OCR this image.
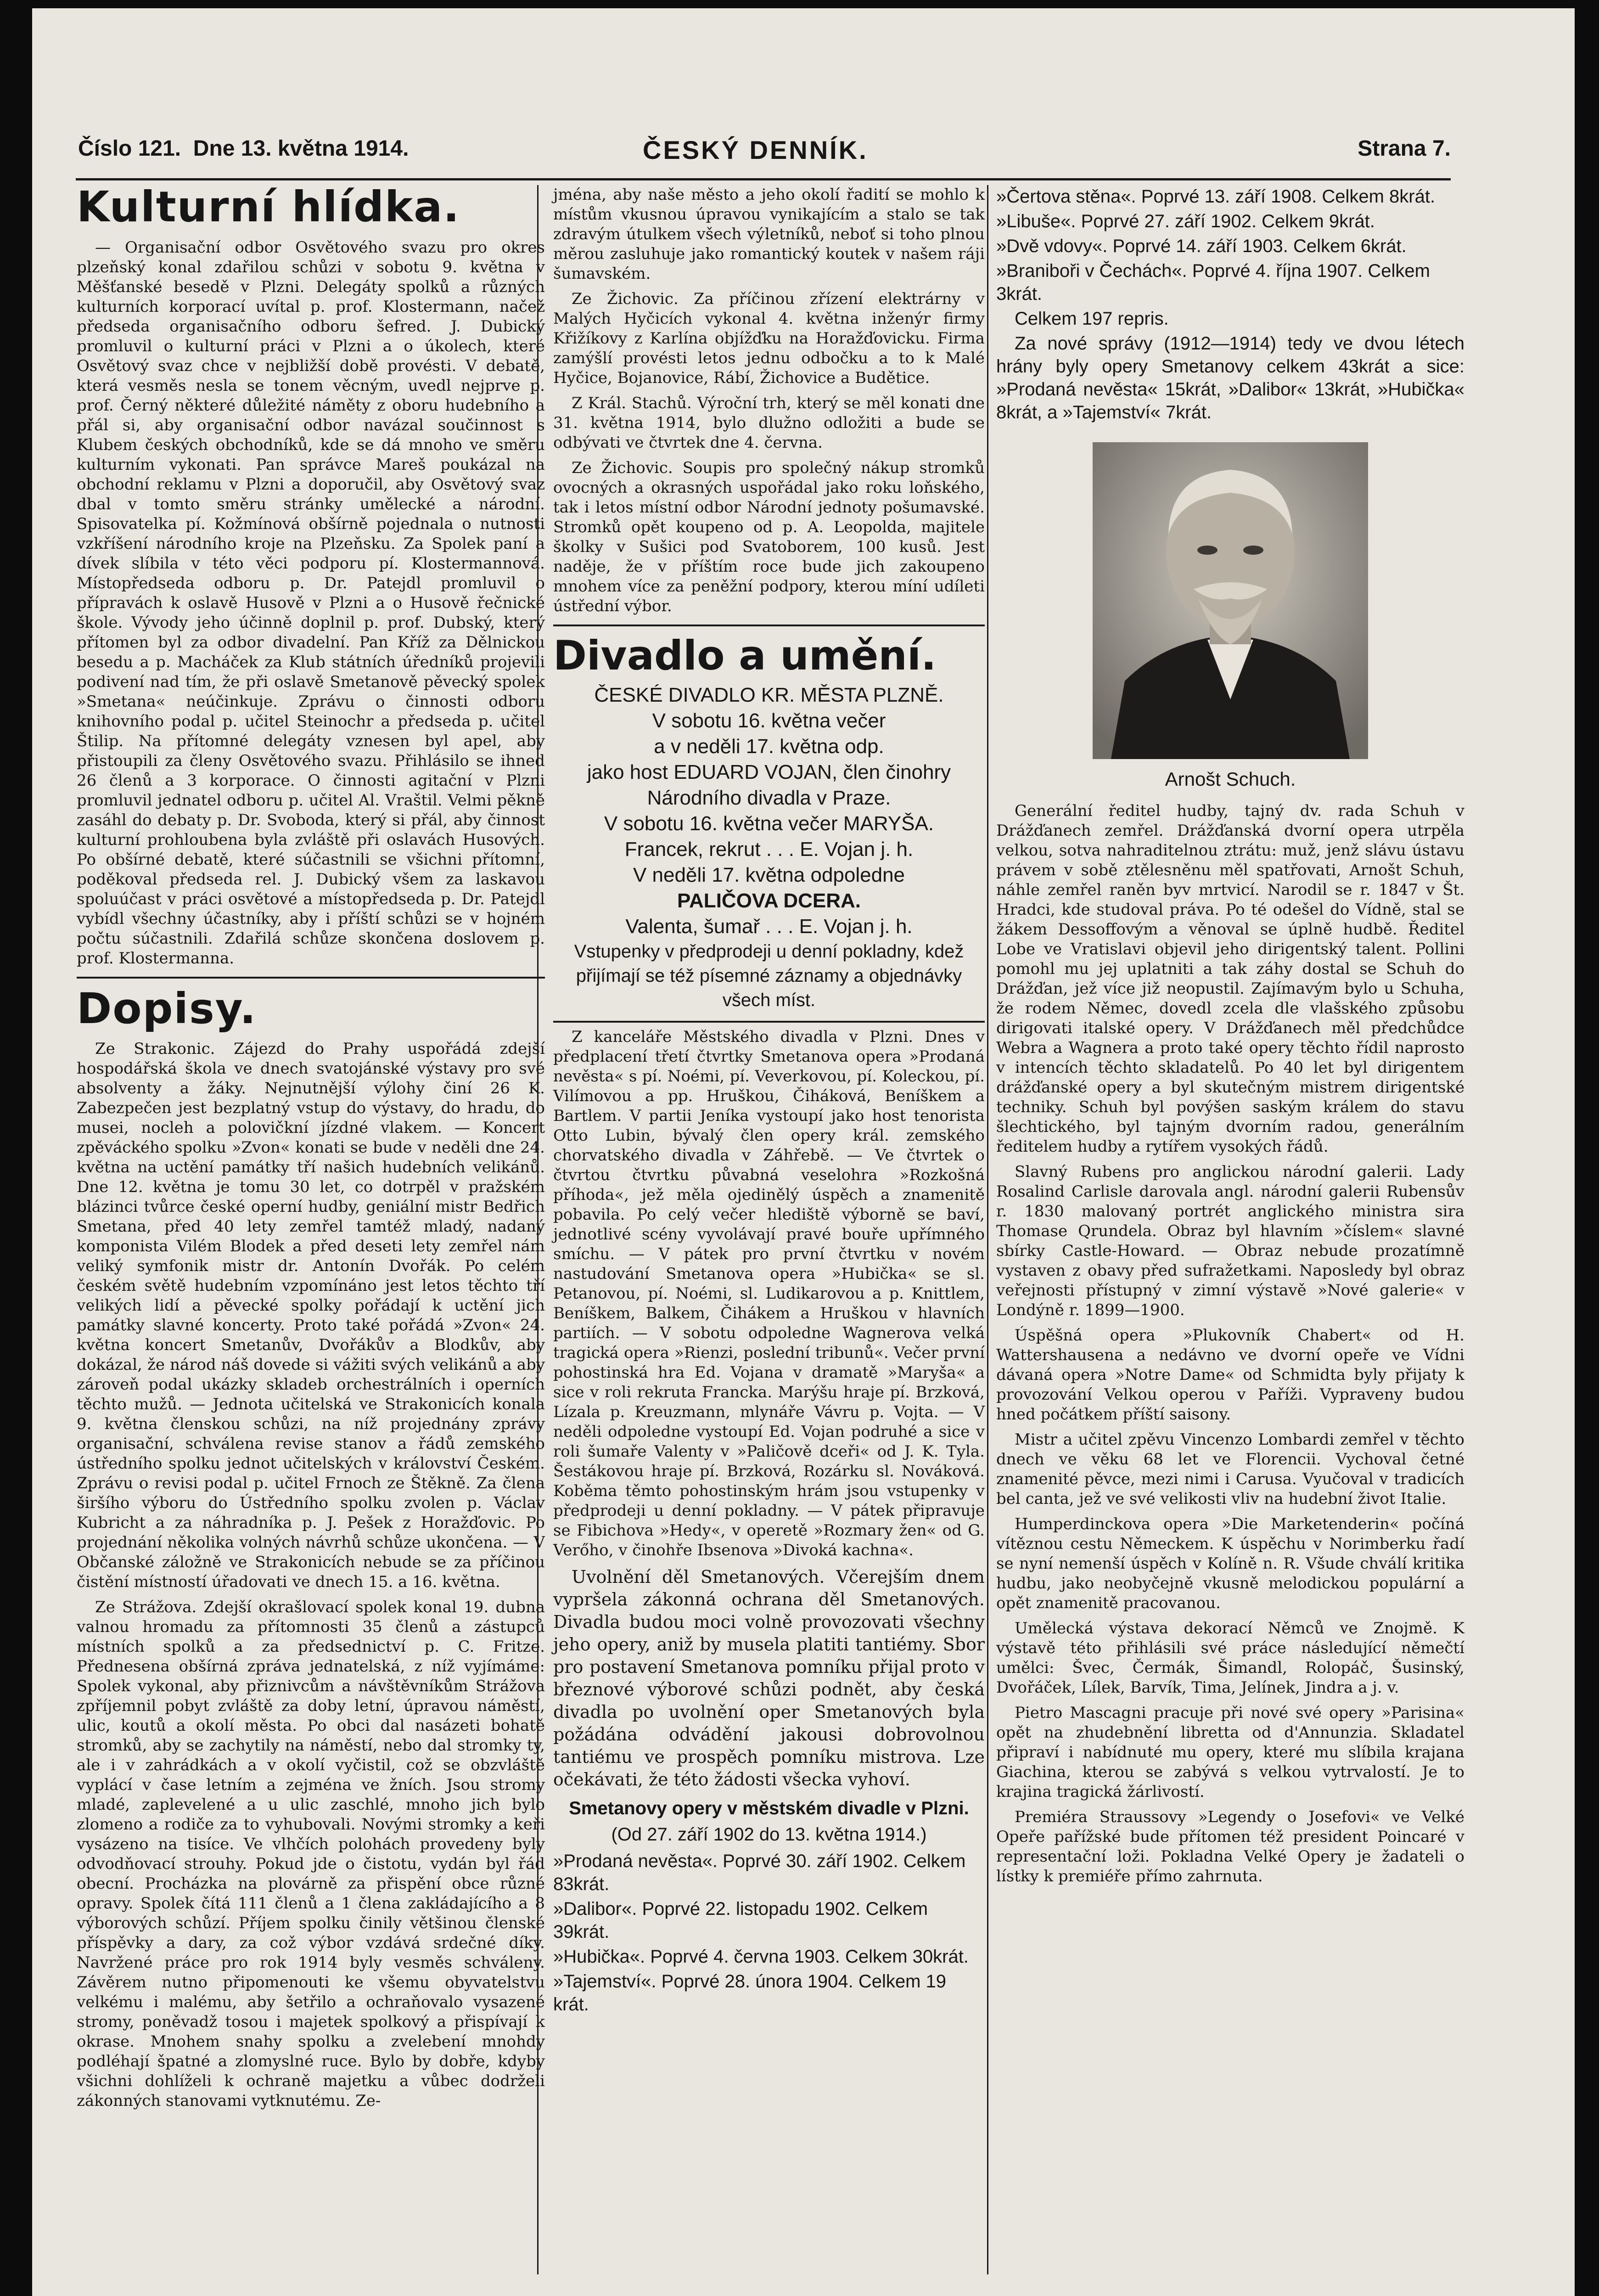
Číslo 121. Dne 13. května 1914.	ČESKÝ DENNÍK.	Strana 7.
Kulturní hlídka.

— Organisační odbor Osvětového svazu pro okres plzeňský konal zdařilou schůzi v sobotu 9. května v Měšťanské besedě v Plzni. Delegáty spolků a různých kulturních korporací uvítal p. prof. Klostermann, načež předseda organisačního odboru šefred. J. Dubický promluvil o kulturní práci v Plzni a o úkolech, které Osvětový svaz chce v nejbližší době provésti. V debatě, která vesměs nesla se tonem věcným, uvedl nejprve p. prof. Černý některé důležité náměty z oboru hudebního a přál si, aby organisační odbor navázal součinnost s Klubem českých obchodníků, kde se dá mnoho ve směru kulturním vykonati. Pan správce Mareš poukázal na obchodní reklamu v Plzni a doporučil, aby Osvětový svaz dbal v tomto směru stránky umělecké a národní. Spisovatelka pí. Kožmínová obšírně pojednala o nutnosti vzkříšení národního kroje na Plzeňsku. Za Spolek paní a dívek slíbila v této věci podporu pí. Klostermannová. Místopředseda odboru p. Dr. Patejdl promluvil o přípravách k oslavě Husově v Plzni a o Husově řečnické škole. Vývody jeho účinně doplnil p. prof. Dubský, který přítomen byl za odbor divadelní. Pan Kříž za Dělnickou besedu a p. Macháček za Klub státních úředníků projevili podivení nad tím, že při oslavě Smetanově pěvecký spolek »Smetana« neúčinkuje. Zprávu o činnosti odboru knihovního podal p. učitel Steinochr a předseda p. učitel Štilip. Na přítomné delegáty vznesen byl apel, aby přistoupili za členy Osvětového svazu. Přihlásilo se ihned 26 členů a 3 korporace. O činnosti agitační v Plzni promluvil jednatel odboru p. učitel Al. Vraštil. Velmi pěkně zasáhl do debaty p. Dr. Svoboda, který si přál, aby činnost kulturní prohloubena byla zvláště při oslavách Husových. Po obšírné debatě, které súčastnili se všichni přítomní, poděkoval předseda rel. J. Dubický všem za laskavou spoluúčast v práci osvětové a místopředseda p. Dr. Patejdl vybídl všechny účastníky, aby i příští schůzi se v hojném počtu súčastnili. Zdařilá schůze skončena doslovem p. prof. Klostermanna.

Dopisy.

Ze Strakonic. Zájezd do Prahy uspořádá zdejší hospodářská škola ve dnech svatojánské výstavy pro své absolventy a žáky. Nejnutnější výlohy činí 26 K. Zabezpečen jest bezplatný vstup do výstavy, do hradu, do musei, nocleh a polovičkní jízdné vlakem. — Koncert zpěváckého spolku »Zvon« konati se bude v neděli dne 24. května na uctění památky tří našich hudebních velikánů. Dne 12. května je tomu 30 let, co dotrpěl v pražském blázinci tvůrce české operní hudby, geniální mistr Bedřich Smetana, před 40 lety zemřel tamtéž mladý, nadaný komponista Vilém Blodek a před deseti lety zemřel nám veliký symfonik mistr dr. Antonín Dvořák. Po celém českém světě hudebním vzpomínáno jest letos těchto tří velikých lidí a pěvecké spolky pořádají k uctění jich památky slavné koncerty. Proto také pořádá »Zvon« 24. května koncert Smetanův, Dvořákův a Blodkův, aby dokázal, že národ náš dovede si vážiti svých velikánů a aby zároveň podal ukázky skladeb orchestrálních i operních těchto mužů. — Jednota učitelská ve Strakonicích konala 9. května členskou schůzi, na níž projednány zprávy organisační, schválena revise stanov a řádů zemského ústředního spolku jednot učitelských v království Českém. Zprávu o revisi podal p. učitel Frnoch ze Štěkně. Za člena širšího výboru do Ústředního spolku zvolen p. Václav Kubricht a za náhradníka p. J. Pešek z Horažďovic. Po projednání několika volných návrhů schůze ukončena. — V Občanské záložně ve Strakonicích nebude se za příčinou čistění místností úřadovati ve dnech 15. a 16. května.

Ze Strážova. Zdejší okrašlovací spolek konal 19. dubna valnou hromadu za přítomnosti 35 členů a zástupců místních spolků a za předsednictví p. C. Fritze. Přednesena obšírná zpráva jednatelská, z níž vyjímáme: Spolek vykonal, aby přiznivcům a návštěvníkům Strážova zpříjemnil pobyt zvláště za doby letní, úpravou náměstí, ulic, koutů a okolí města. Po obci dal nasázeti bohatě stromků, aby se zachytily na náměstí, nebo dal stromky ty, ale i v zahrádkách a v okolí vyčistil, což se obzvláště vyplácí v čase letním a zejména ve žních. Jsou stromy mladé, zaplevelené a u ulic zaschlé, mnoho jich bylo zlomeno a rodiče za to vyhubovali. Novými stromky a keři vysázeno na tisíce. Ve vlhčích polohách provedeny byly odvodňovací strouhy. Pokud jde o čistotu, vydán byl řád obecní. Procházka na plovárně za přispění obce různé opravy. Spolek čítá 111 členů a 1 člena zakládajícího a 8 výborových schůzí. Příjem spolku činily většinou členské příspěvky a dary, za což výbor vzdává srdečné díky. Navržené práce pro rok 1914 byly vesměs schváleny. Závěrem nutno připomenouti ke všemu obyvatelstvu velkému i malému, aby šetřilo a ochraňovalo vysazené stromy, poněvadž tosou i majetek spolkový a přispívají k okrase. Mnohem snahy spolku a zvelebení mnohdy podléhají špatné a zlomyslné ruce. Bylo by dobře, kdyby všichni dohlíželi k ochraně majetku a vůbec dodrželi zákonných stanovami vytknutému. Ze-

jména, aby naše město a jeho okolí řadití se mohlo k místům vkusnou úpravou vynikajícím a stalo se tak zdravým útulkem všech výletníků, neboť si toho plnou měrou zasluhuje jako romantický koutek v našem ráji šumavském.

Ze Žichovic. Za příčinou zřízení elektrárny v Malých Hyčicích vykonal 4. května inženýr firmy Křižíkovy z Karlína objížďku na Horažďovicku. Firma zamýšlí provésti letos jednu odbočku a to k Malé Hyčice, Bojanovice, Rábí, Žichovice a Budětice.

Z Král. Stachů. Výroční trh, který se měl konati dne 31. května 1914, bylo dlužno odložiti a bude se odbývati ve čtvrtek dne 4. června.

Ze Žichovic. Soupis pro společný nákup stromků ovocných a okrasných uspořádal jako roku loňského, tak i letos místní odbor Národní jednoty pošumavské. Stromků opět koupeno od p. A. Leopolda, majitele školky v Sušici pod Svatoborem, 100 kusů. Jest naděje, že v příštím roce bude jich zakoupeno mnohem více za peněžní podpory, kterou míní udíleti ústřední výbor.

Divadlo a umění.

ČESKÉ DIVADLO KR. MĚSTA PLZNĚ.

V sobotu 16. května večer

a v neděli 17. května odp.

jako host EDUARD VOJAN, člen činohry

Národního divadla v Praze.

V sobotu 16. května večer MARYŠA.

Francek, rekrut . . . E. Vojan j. h.

V neděli 17. května odpoledne

PALIČOVA DCERA.

Valenta, šumař . . . E. Vojan j. h.

Vstupenky v předprodeji u denní pokladny, kdež přijímají se též písemné záznamy a objednávky všech míst.

Z kanceláře Městského divadla v Plzni. Dnes v předplacení třetí čtvrtky Smetanova opera »Prodaná nevěsta« s pí. Noémi, pí. Veverkovou, pí. Koleckou, pí. Vilímovou a pp. Hruškou, Čiháková, Beníškem a Bartlem. V partii Jeníka vystoupí jako host tenorista Otto Lubin, bývalý člen opery král. zemského chorvatského divadla v Záhřebě. — Ve čtvrtek o čtvrtou čtvrtku půvabná veselohra »Rozkošná příhoda«, jež měla ojedinělý úspěch a znamenitě pobavila. Po celý večer hlediště výborně se baví, jednotlivé scény vyvolávají pravé bouře upřímného smíchu. — V pátek pro první čtvrtku v novém nastudování Smetanova opera »Hubička« se sl. Petanovou, pí. Noémi, sl. Ludikarovou a p. Knittlem, Beníškem, Balkem, Čihákem a Hruškou v hlavních partiích. — V sobotu odpoledne Wagnerova velká tragická opera »Rienzi, poslední tribunů«. Večer první pohostinská hra Ed. Vojana v dramatě »Maryša« a sice v roli rekruta Francka. Marýšu hraje pí. Brzková, Lízala p. Kreuzmann, mlynáře Vávru p. Vojta. — V neděli odpoledne vystoupí Ed. Vojan podruhé a sice v roli šumaře Valenty v »Paličově dceři« od J. K. Tyla. Šestákovou hraje pí. Brzková, Rozárku sl. Nováková. Koběma těmto pohostinským hrám jsou vstupenky v předprodeji u denní pokladny. — V pátek připravuje se Fibichova »Hedy«, v operetě »Rozmary žen« od G. Verőho, v činohře Ibsenova »Divoká kachna«.

Uvolnění děl Smetanových. Včerejším dnem vypršela zákonná ochrana děl Smetanových. Divadla budou moci volně provozovati všechny jeho opery, aniž by musela platiti tantiémy. Sbor pro postavení Smetanova pomníku přijal proto v březnové výborové schůzi podnět, aby česká divadla po uvolnění oper Smetanových byla požádána odvádění jakousi dobrovolnou tantiému ve prospěch pomníku mistrova. Lze očekávati, že této žádosti všecka vyhoví.

Smetanovy opery v městském divadle v Plzni.

(Od 27. září 1902 do 13. května 1914.)

»Prodaná nevěsta«. Poprvé 30. září 1902. Celkem 83krát.

»Dalibor«. Poprvé 22. listopadu 1902. Celkem 39krát.

»Hubička«. Poprvé 4. června 1903. Celkem 30krát.

»Tajemství«. Poprvé 28. února 1904. Celkem 19 krát.

»Čertova stěna«. Poprvé 13. září 1908. Celkem 8krát.

»Libuše«. Poprvé 27. září 1902. Celkem 9krát.

»Dvě vdovy«. Poprvé 14. září 1903. Celkem 6krát.

»Braniboři v Čechách«. Poprvé 4. října 1907. Celkem 3krát.

Celkem 197 repris.

Za nové správy (1912—1914) tedy ve dvou létech hrány byly opery Smetanovy celkem 43krát a sice: »Prodaná nevěsta« 15krát, »Dalibor« 13krát, »Hubička« 8krát, a »Tajemství« 7krát.

Arnošt Schuch.

Generální ředitel hudby, tajný dv. rada Schuh v Drážďanech zemřel. Drážďanská dvorní opera utrpěla velkou, sotva nahraditelnou ztrátu: muž, jenž slávu ústavu právem v sobě ztělesněnu měl spatřovati, Arnošt Schuh, náhle zemřel raněn byv mrtvicí. Narodil se r. 1847 v Št. Hradci, kde studoval práva. Po té odešel do Vídně, stal se žákem Dessoffovým a věnoval se úplně hudbě. Ředitel Lobe ve Vratislavi objevil jeho dirigentský talent. Pollini pomohl mu jej uplatniti a tak záhy dostal se Schuh do Drážďan, jež více již neopustil. Zajímavým bylo u Schuha, že rodem Němec, dovedl zcela dle vlašského způsobu dirigovati italské opery. V Drážďanech měl předchůdce Webra a Wagnera a proto také opery těchto řídil naprosto v intencích těchto skladatelů. Po 40 let byl dirigentem drážďanské opery a byl skutečným mistrem dirigentské techniky. Schuh byl povýšen saským králem do stavu šlechtického, byl tajným dvorním radou, generálním ředitelem hudby a rytířem vysokých řádů.

Slavný Rubens pro anglickou národní galerii. Lady Rosalind Carlisle darovala angl. národní galerii Rubensův r. 1830 malovaný portrét anglického ministra sira Thomase Qrundela. Obraz byl hlavním »číslem« slavné sbírky Castle-Howard. — Obraz nebude prozatímně vystaven z obavy před sufražetkami. Naposledy byl obraz veřejnosti přístupný v zimní výstavě »Nové galerie« v Londýně r. 1899—1900.

Úspěšná opera »Plukovník Chabert« od H. Wattershausena a nedávno ve dvorní opeře ve Vídni dávaná opera »Notre Dame« od Schmidta byly přijaty k provozování Velkou operou v Paříži. Vypraveny budou hned počátkem příští saisony.

Mistr a učitel zpěvu Vincenzo Lombardi zemřel v těchto dnech ve věku 68 let ve Florencii. Vychoval četné znamenité pěvce, mezi nimi i Carusa. Vyučoval v tradicích bel canta, jež ve své velikosti vliv na hudební život Italie.

Humperdinckova opera »Die Marketenderin« počíná vítěznou cestu Německem. K úspěchu v Norimberku řadí se nyní nemenší úspěch v Kolíně n. R. Všude chválí kritika hudbu, jako neobyčejně vkusně melodickou populární a opět znamenitě pracovanou.

Umělecká výstava dekorací Němců ve Znojmě. K výstavě této přihlásili své práce následující němečtí umělci: Švec, Čermák, Šimandl, Rolopáč, Šusinský, Dvořáček, Lílek, Barvík, Tima, Jelínek, Jindra a j. v.

Pietro Mascagni pracuje při nové své opery »Parisina« opět na zhudebnění libretta od d'Annunzia. Skladatel připraví i nabídnuté mu opery, které mu slíbila krajana Giachina, kterou se zabývá s velkou vytrvalostí. Je to krajina tragická žárlivostí.

Premiéra Straussovy »Legendy o Josefovi« ve Velké Opeře pařížské bude přítomen též president Poincaré v representační loži. Pokladna Velké Opery je žadateli o lístky k premiéře přímo zahrnuta.
